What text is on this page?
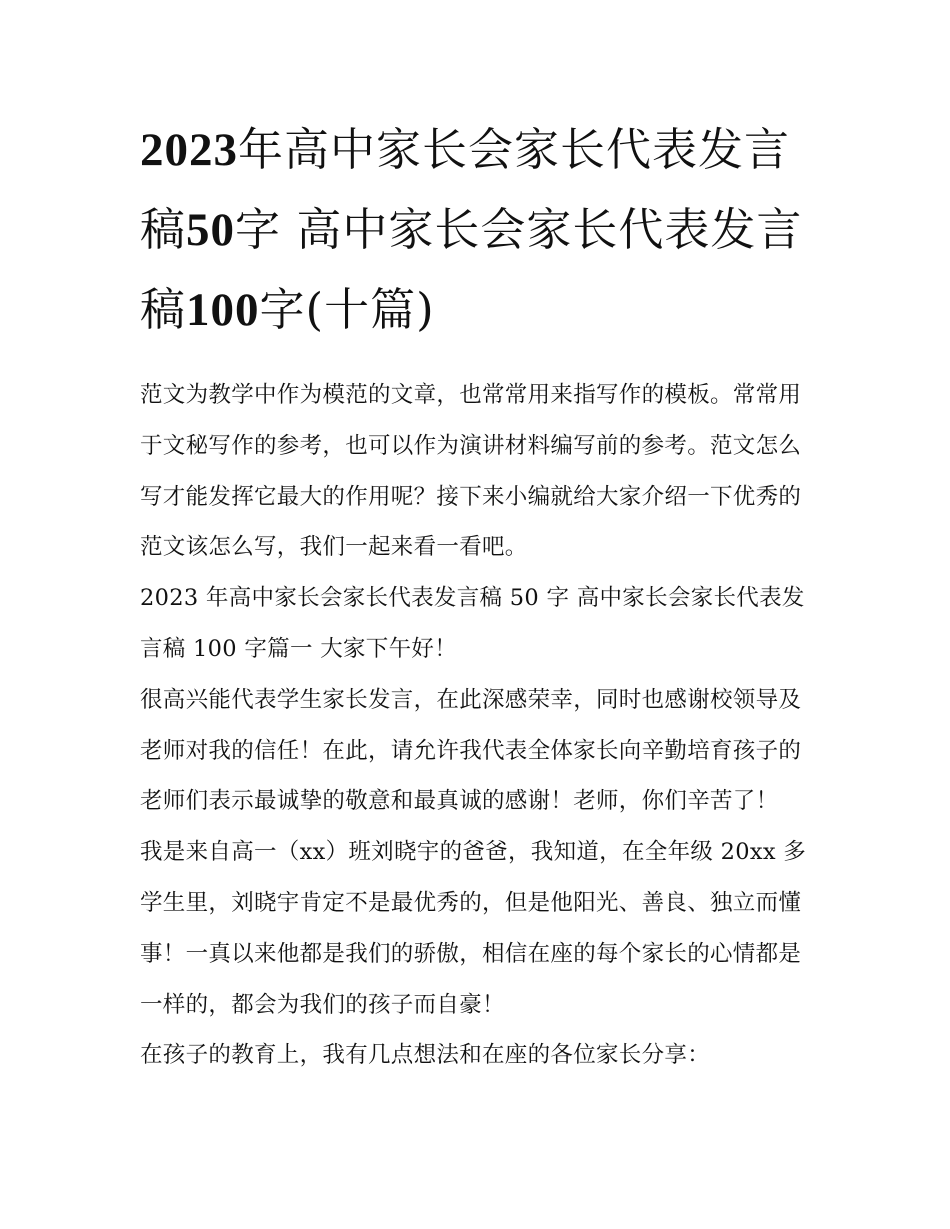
2023年高中家长会家长代表发言稿50字 高中家长会家长代表发言稿100字(十篇)

范文为教学中作为模范的文章，也常常用来指写作的模板。常常用于文秘写作的参考，也可以作为演讲材料编写前的参考。范文怎么写才能发挥它最大的作用呢？接下来小编就给大家介绍一下优秀的范文该怎么写，我们一起来看一看吧。

2023 年高中家长会家长代表发言稿 50 字 高中家长会家长代表发言稿 100 字篇一 大家下午好！

很高兴能代表学生家长发言，在此深感荣幸，同时也感谢校领导及老师对我的信任！在此，请允许我代表全体家长向辛勤培育孩子的老师们表示最诚挚的敬意和最真诚的感谢！老师，你们辛苦了！

我是来自高一（xx）班刘晓宇的爸爸，我知道，在全年级 20xx 多学生里，刘晓宇肯定不是最优秀的，但是他阳光、善良、独立而懂事！一真以来他都是我们的骄傲，相信在座的每个家长的心情都是一样的，都会为我们的孩子而自豪！

在孩子的教育上，我有几点想法和在座的各位家长分享：
